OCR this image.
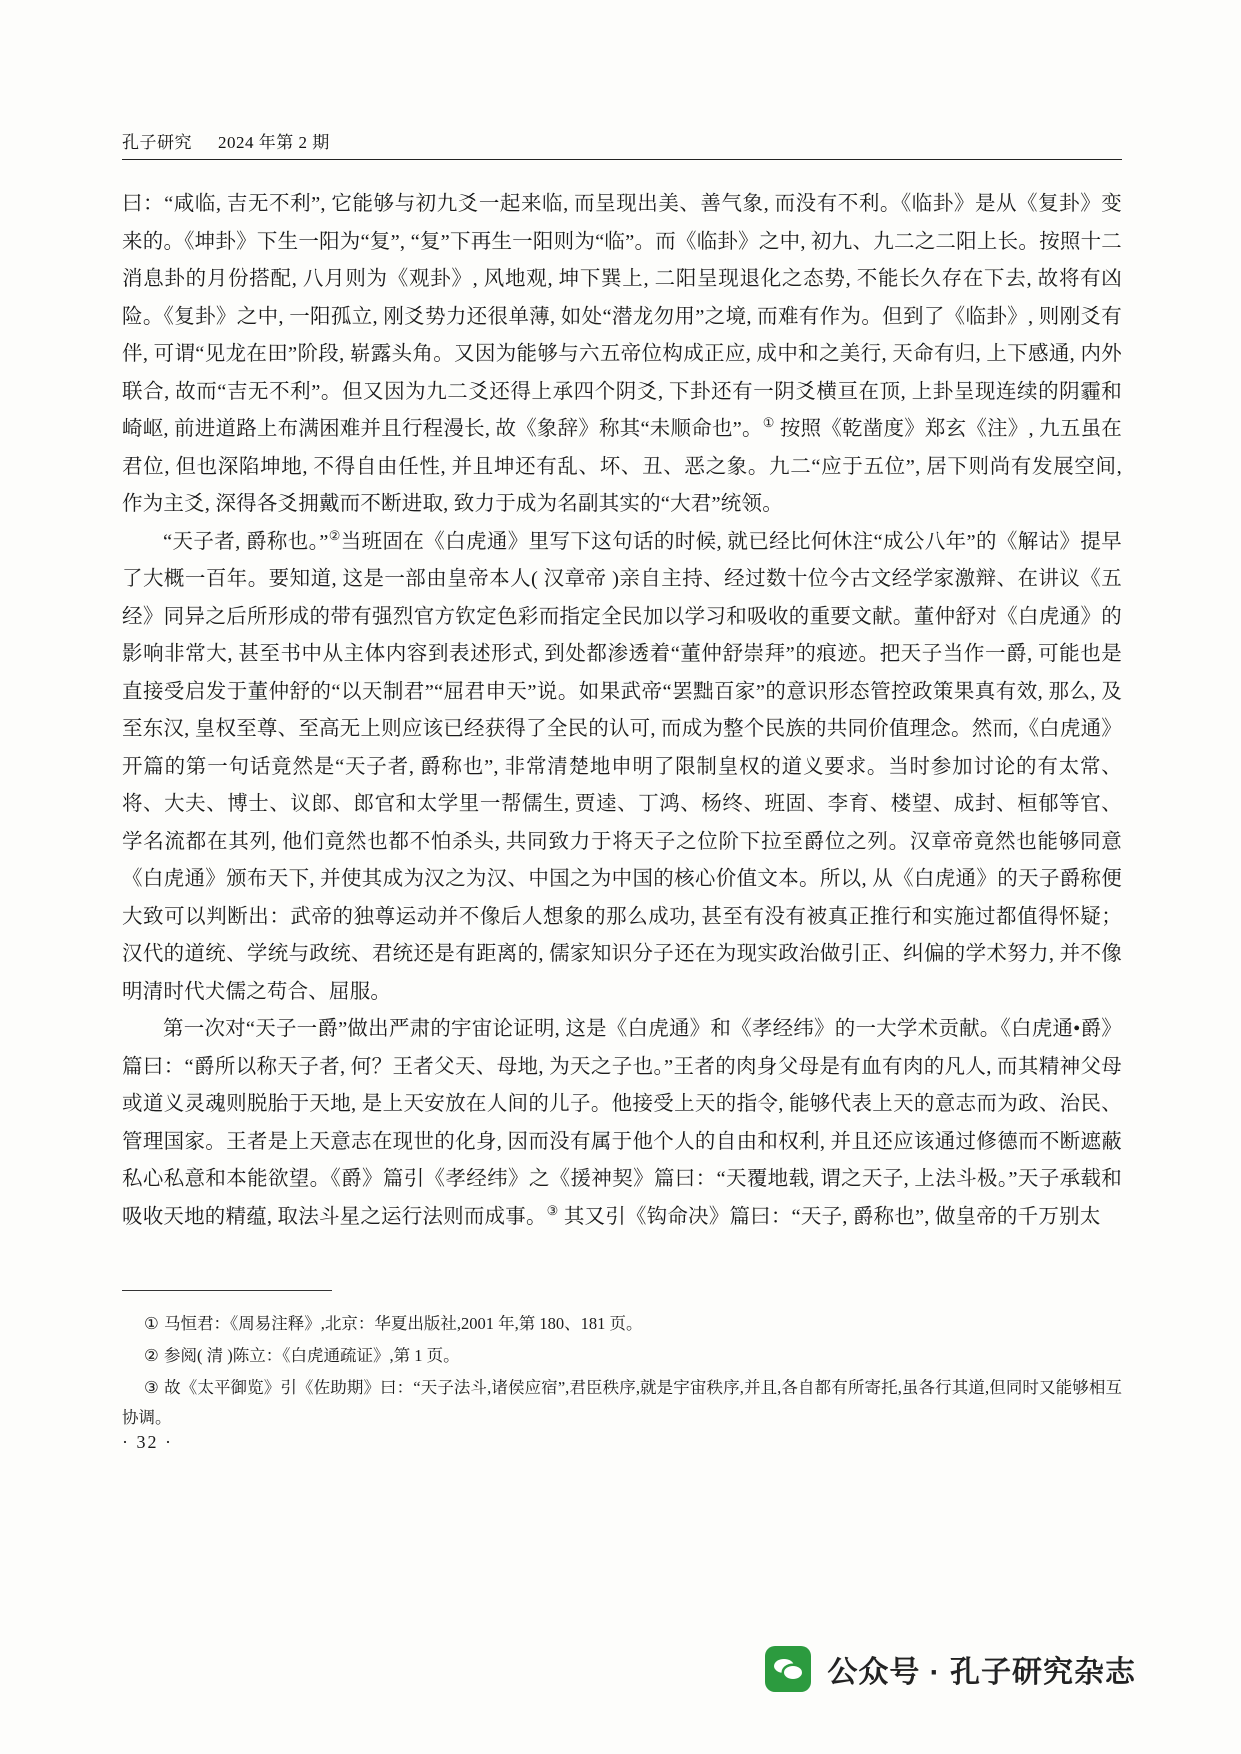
孔子研究 2024 年第 2 期

曰：“咸临, 吉无不利”, 它能够与初九爻一起来临, 而呈现出美、善气象, 而没有不利。《临卦》是从《复卦》变来的。《坤卦》下生一阳为“复”, “复”下再生一阳则为“临”。而《临卦》之中, 初九、九二之二阳上长。按照十二消息卦的月份搭配, 八月则为《观卦》, 风地观, 坤下巽上, 二阳呈现退化之态势, 不能长久存在下去, 故将有凶险。《复卦》之中, 一阳孤立, 刚爻势力还很单薄, 如处“潜龙勿用”之境, 而难有作为。但到了《临卦》, 则刚爻有伴, 可谓“见龙在田”阶段, 崭露头角。又因为能够与六五帝位构成正应, 成中和之美行, 天命有归, 上下感通, 内外联合, 故而“吉无不利”。但又因为九二爻还得上承四个阴爻, 下卦还有一阴爻横亘在顶, 上卦呈现连续的阴霾和崎岖, 前进道路上布满困难并且行程漫长, 故《象辞》称其“未顺命也”。① 按照《乾凿度》郑玄《注》, 九五虽在君位, 但也深陷坤地, 不得自由任性, 并且坤还有乱、坏、丑、恶之象。九二“应于五位”, 居下则尚有发展空间, 作为主爻, 深得各爻拥戴而不断进取, 致力于成为名副其实的“大君”统领。

“天子者, 爵称也。”②当班固在《白虎通》里写下这句话的时候, 就已经比何休注“成公八年”的《解诂》提早了大概一百年。要知道, 这是一部由皇帝本人( 汉章帝 )亲自主持、经过数十位今古文经学家激辩、在讲议《五经》同异之后所形成的带有强烈官方钦定色彩而指定全民加以学习和吸收的重要文献。董仲舒对《白虎通》的影响非常大, 甚至书中从主体内容到表述形式, 到处都渗透着“董仲舒崇拜”的痕迹。把天子当作一爵, 可能也是直接受启发于董仲舒的“以天制君”“屈君申天”说。如果武帝“罢黜百家”的意识形态管控政策果真有效, 那么, 及至东汉, 皇权至尊、至高无上则应该已经获得了全民的认可, 而成为整个民族的共同价值理念。然而,《白虎通》开篇的第一句话竟然是“天子者, 爵称也”, 非常清楚地申明了限制皇权的道义要求。当时参加讨论的有太常、将、大夫、博士、议郎、郎官和太学里一帮儒生, 贾逵、丁鸿、杨终、班固、李育、楼望、成封、桓郁等官、学名流都在其列, 他们竟然也都不怕杀头, 共同致力于将天子之位阶下拉至爵位之列。汉章帝竟然也能够同意《白虎通》颁布天下, 并使其成为汉之为汉、中国之为中国的核心价值文本。所以, 从《白虎通》的天子爵称便大致可以判断出：武帝的独尊运动并不像后人想象的那么成功, 甚至有没有被真正推行和实施过都值得怀疑；汉代的道统、学统与政统、君统还是有距离的, 儒家知识分子还在为现实政治做引正、纠偏的学术努力, 并不像明清时代犬儒之苟合、屈服。

第一次对“天子一爵”做出严肃的宇宙论证明, 这是《白虎通》和《孝经纬》的一大学术贡献。《白虎通•爵》篇曰：“爵所以称天子者, 何？王者父天、母地, 为天之子也。”王者的肉身父母是有血有肉的凡人, 而其精神父母或道义灵魂则脱胎于天地, 是上天安放在人间的儿子。他接受上天的指令, 能够代表上天的意志而为政、治民、管理国家。王者是上天意志在现世的化身, 因而没有属于他个人的自由和权利, 并且还应该通过修德而不断遮蔽私心私意和本能欲望。《爵》篇引《孝经纬》之《援神契》篇曰：“天覆地载, 谓之天子, 上法斗极。”天子承载和吸收天地的精蕴, 取法斗星之运行法则而成事。③ 其又引《钩命决》篇曰：“天子, 爵称也”, 做皇帝的千万别太

① 马恒君：《周易注释》,北京：华夏出版社,2001 年,第 180、181 页。
② 参阅( 清 )陈立：《白虎通疏证》,第 1 页。
③ 故《太平御览》引《佐助期》曰：“天子法斗,诸侯应宿”,君臣秩序,就是宇宙秩序,并且,各自都有所寄托,虽各行其道,但同时又能够相互协调。
· 32 ·
公众号 · 孔子研究杂志
